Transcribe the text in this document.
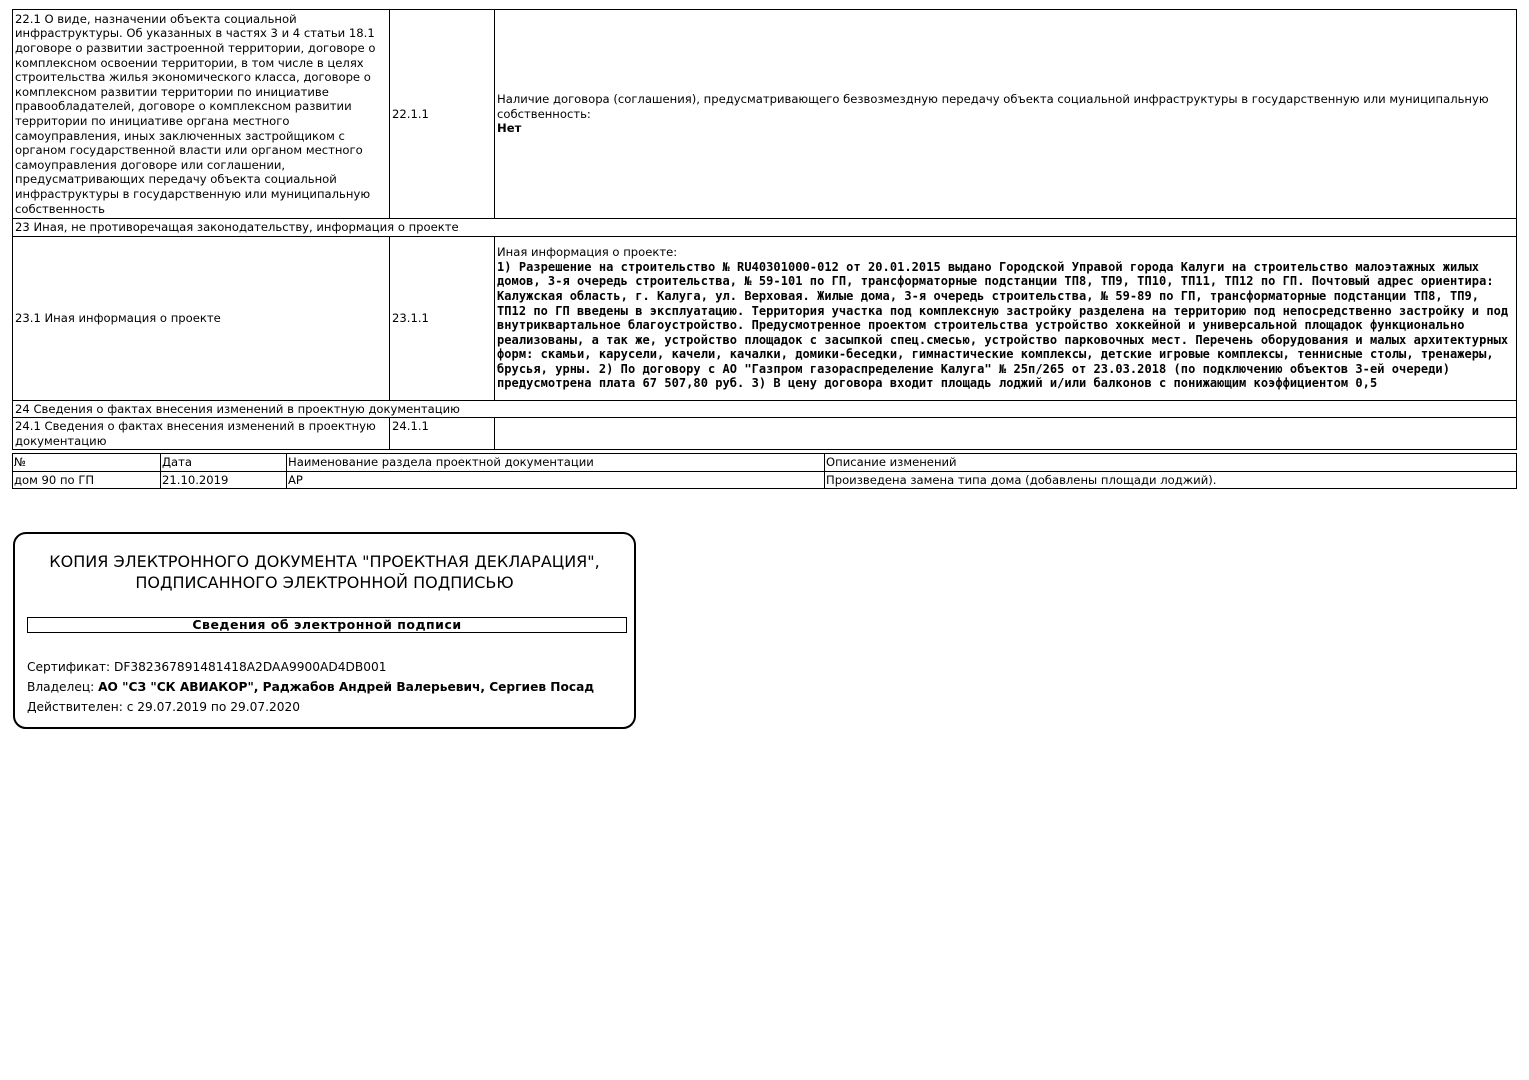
22.1 О виде, назначении объекта социальной инфраструктуры. Об указанных в частях 3 и 4 статьи 18.1 договоре о развитии застроенной территории, договоре о комплексном освоении территории, в том числе в целях строительства жилья экономического класса, договоре о комплексном развитии территории по инициативе правообладателей, договоре о комплексном развитии территории по инициативе органа местного самоуправления, иных заключенных застройщиком с органом государственной власти или органом местного самоуправления договоре или соглашении, предусматривающих передачу объекта социальной инфраструктуры в государственную или муниципальную собственность	22.1.1	Наличие договора (соглашения), предусматривающего безвозмездную передачу объекта социальной инфраструктуры в государственную или муниципальную собственность:
Нет

23 Иная, не противоречащая законодательству, информация о проекте		
23.1 Иная информация о проекте	23.1.1	Иная информация о проекте:
1) Разрешение на строительство № RU40301000-012 от 20.01.2015 выдано Городской Управой города Калуги на строительство малоэтажных жилых домов, 3-я очередь строительства, № 59-101 по ГП, трансформаторные подстанции ТП8, ТП9, ТП10, ТП11, ТП12 по ГП. Почтовый адрес ориентира: Калужская область, г. Калуга, ул. Верховая. Жилые дома, 3-я очередь строительства, № 59-89 по ГП, трансформаторные подстанции ТП8, ТП9, ТП12 по ГП введены в эксплуатацию. Территория участка под комплексную застройку разделена на территорию под непосредственно застройку и под внутриквартальное благоустройство. Предусмотренное проектом строительства устройство хоккейной и универсальной площадок функционально реализованы, а так же, устройство площадок с засыпкой спец.смесью, устройство парковочных мест. Перечень оборудования и малых архитектурных форм: скамьи, карусели, качели, качалки, домики-беседки, гимнастические комплексы, детские игровые комплексы, теннисные столы, тренажеры, брусья, урны. 2) По договору с АО "Газпром газораспределение Калуга" № 25п/265 от 23.03.2018 (по подключению объектов 3-ей очереди) предусмотрена плата 67 507,80 руб. 3) В цену договора входит площадь лоджий и/или балконов с понижающим коэффициентом 0,5

24 Сведения о фактах внесения изменений в проектную документацию		
24.1 Сведения о фактах внесения изменений в проектную документацию	24.1.1	
№	Дата	Наименование раздела проектной документации	Описание изменений
дом 90 по ГП	21.10.2019	АР	Произведена замена типа дома (добавлены площади лоджий).
КОПИЯ ЭЛЕКТРОННОГО ДОКУМЕНТА "ПРОЕКТНАЯ ДЕКЛАРАЦИЯ",
ПОДПИСАННОГО ЭЛЕКТРОННОЙ ПОДПИСЬЮ
Сведения об электронной подписи
Сертификат: DF382367891481418A2DAA9900AD4DB001
Владелец: АО "СЗ "СК АВИАКОР", Раджабов Андрей Валерьевич, Сергиев Посад
Действителен: с 29.07.2019 по 29.07.2020
